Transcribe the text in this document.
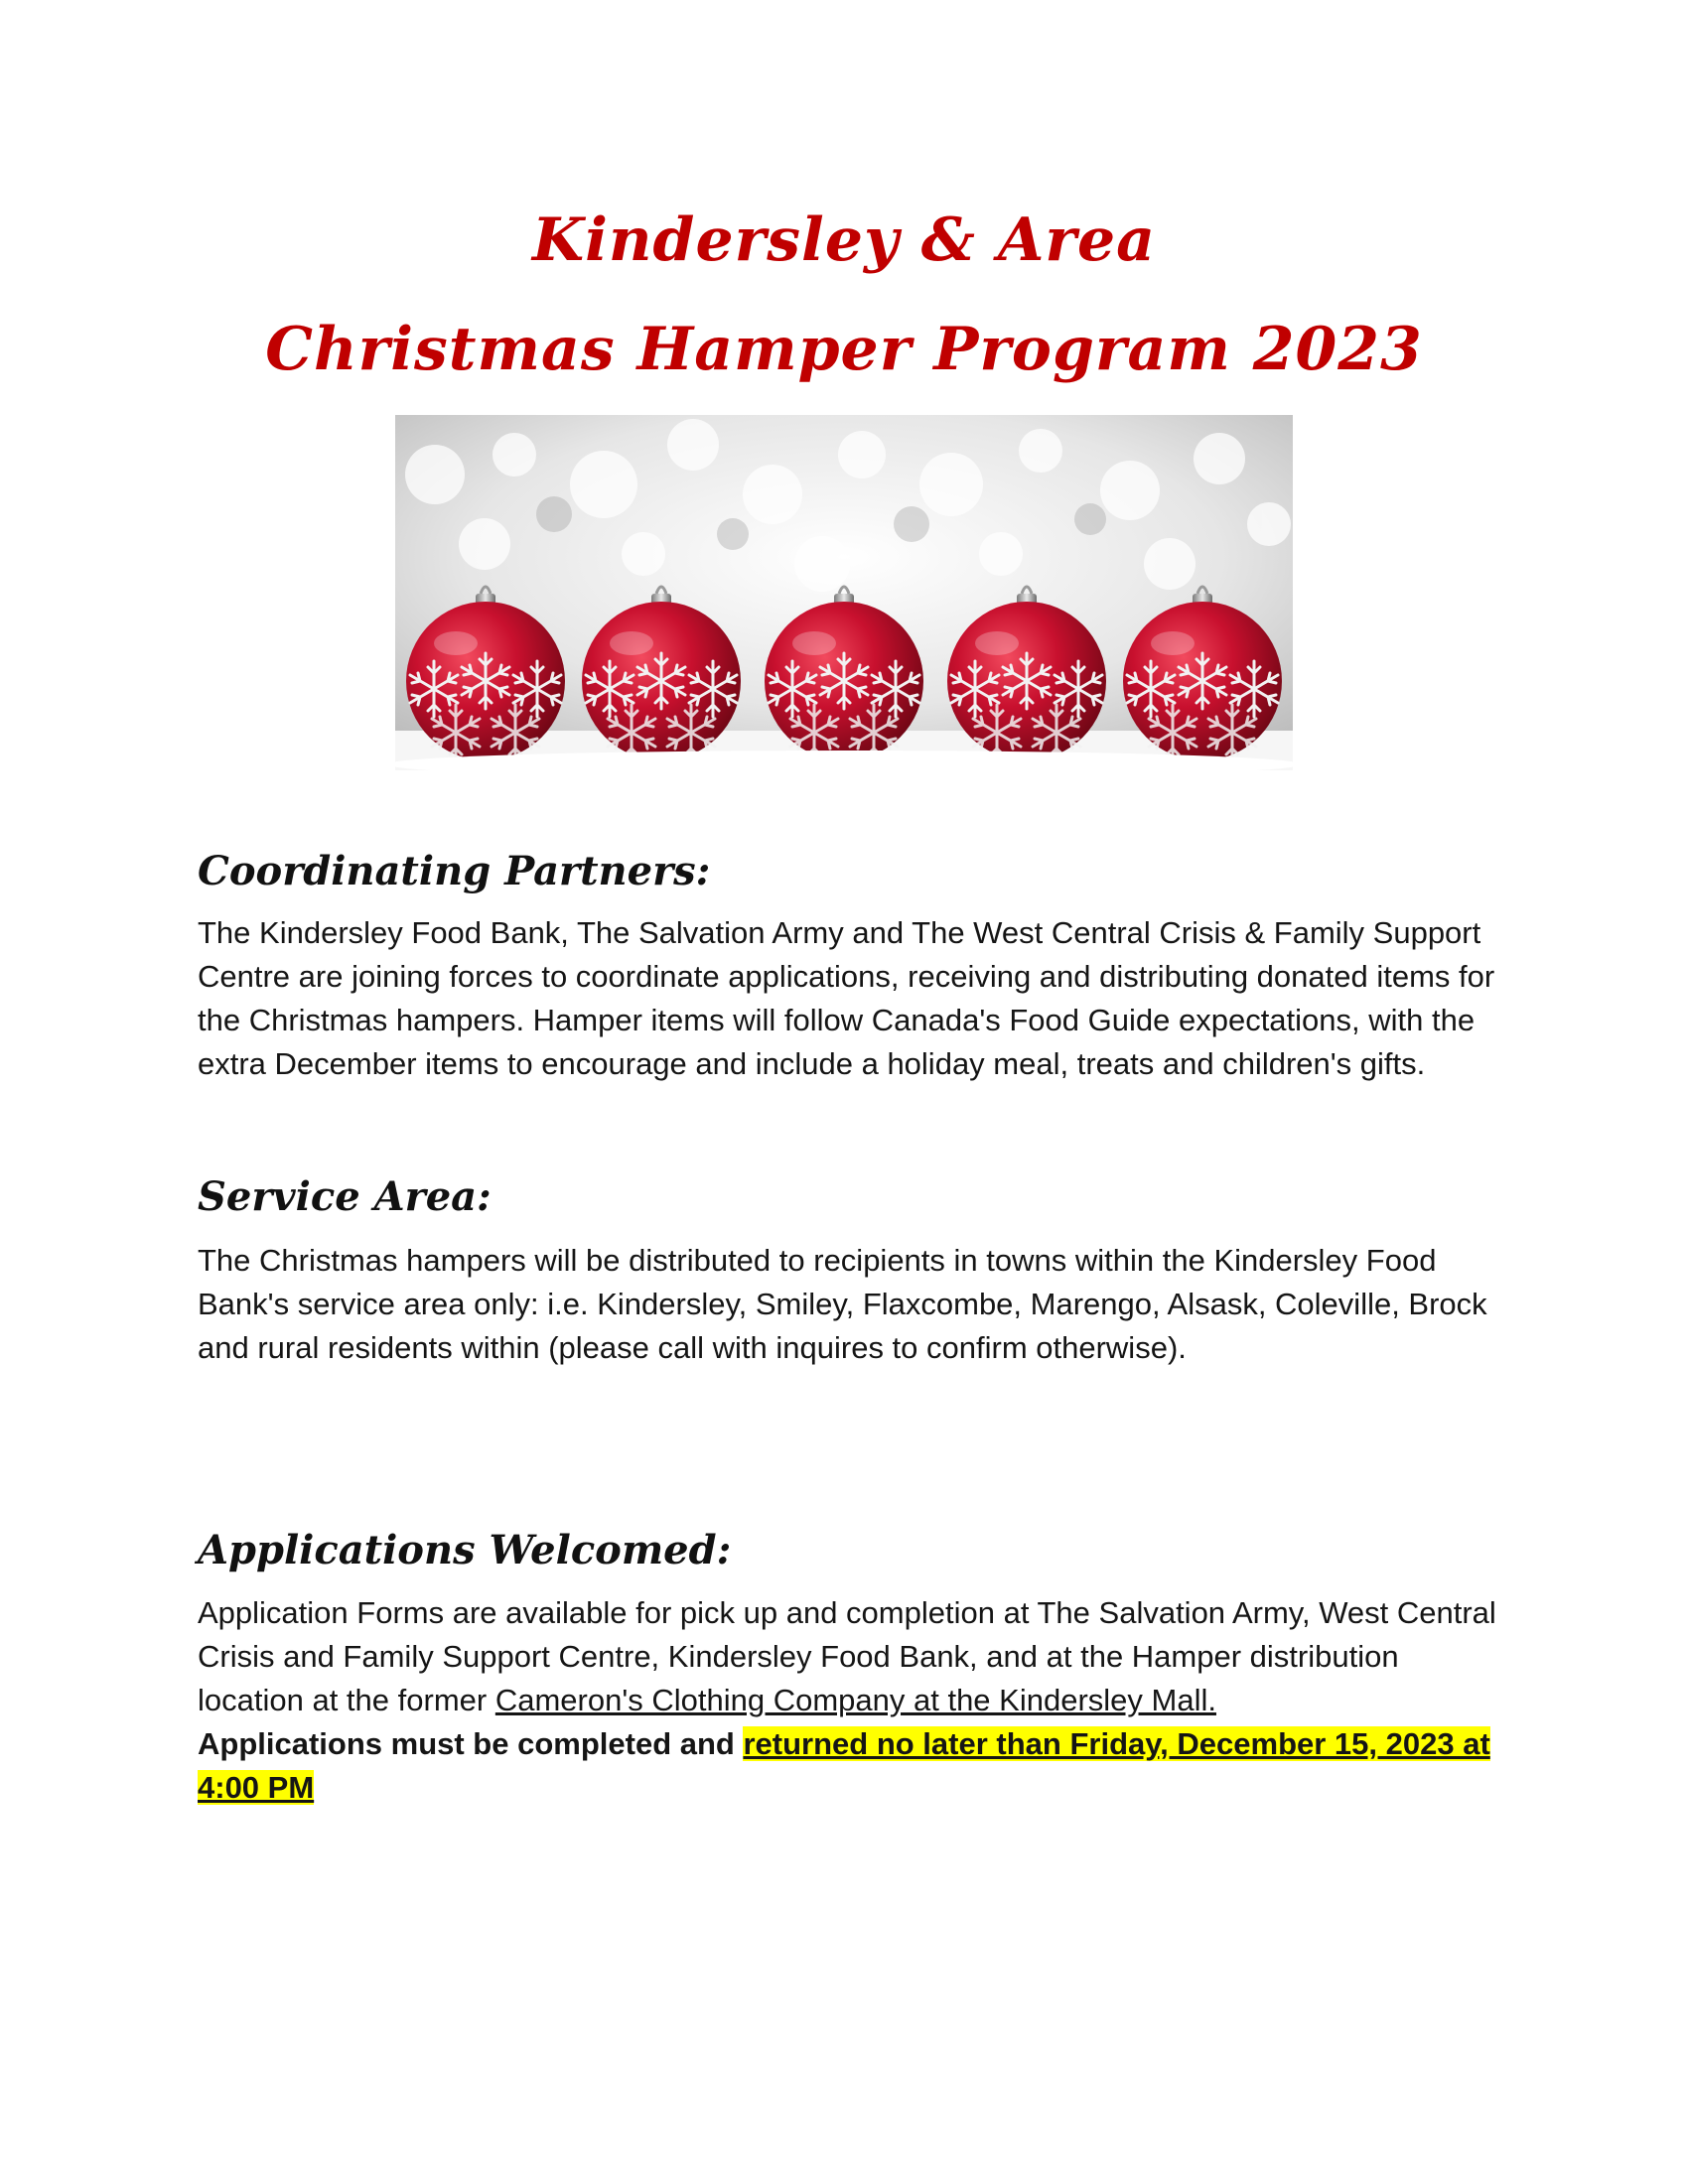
Kindersley & Area
Christmas Hamper Program 2023
Coordinating Partners:

The Kindersley Food Bank, The Salvation Army and The West Central Crisis & Family Support Centre are joining forces to coordinate applications, receiving and distributing donated items for the Christmas hampers. Hamper items will follow Canada's Food Guide expectations, with the extra December items to encourage and include a holiday meal, treats and children's gifts.

Service Area:

The Christmas hampers will be distributed to recipients in towns within the Kindersley Food Bank's service area only: i.e. Kindersley, Smiley, Flaxcombe, Marengo, Alsask, Coleville, Brock and rural residents within (please call with inquires to confirm otherwise).

Applications Welcomed:

Application Forms are available for pick up and completion at The Salvation Army, West Central Crisis and Family Support Centre, Kindersley Food Bank, and at the Hamper distribution location at the former Cameron's Clothing Company at the Kindersley Mall.
Applications must be completed and returned no later than Friday, December 15, 2023 at 4:00 PM
